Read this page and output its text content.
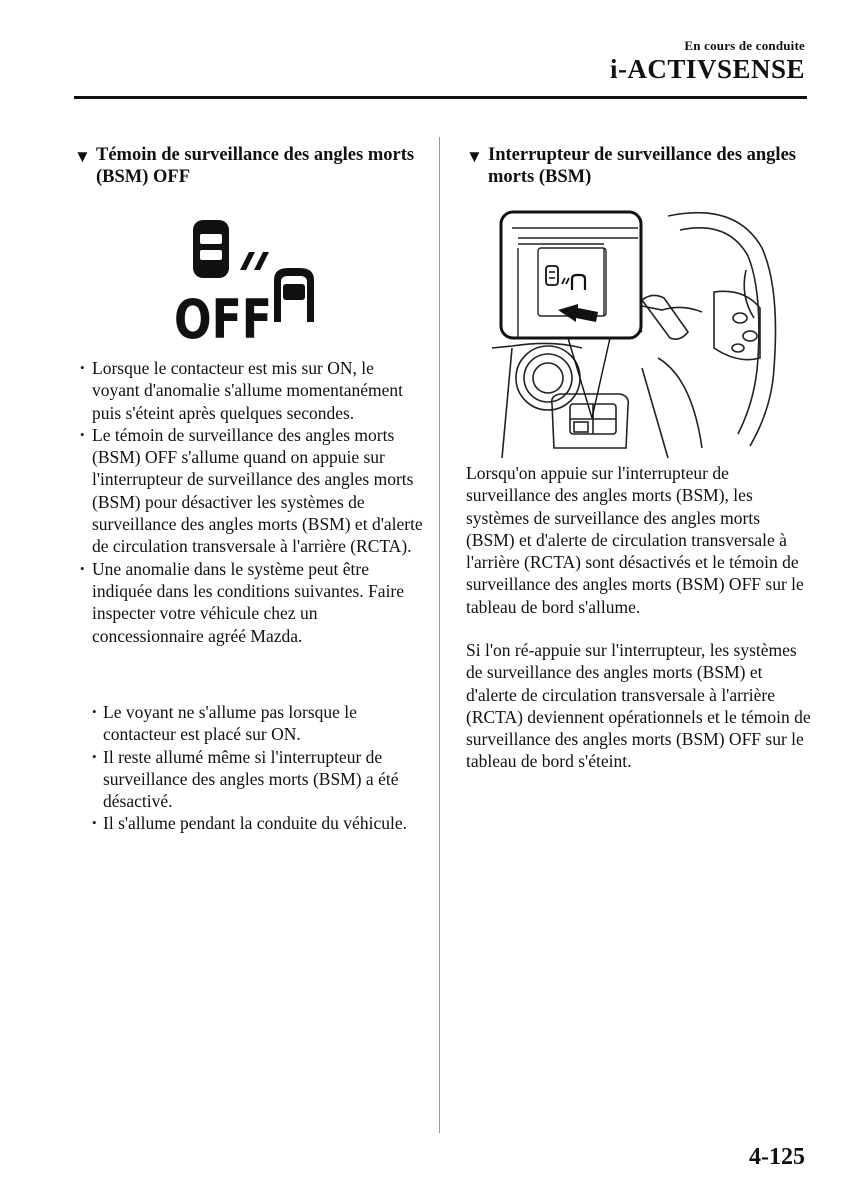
En cours de conduite
i-ACTIVSENSE
▼ Témoin de surveillance des angles morts (BSM) OFF
OFF
• Lorsque le contacteur est mis sur ON, le voyant d'anomalie s'allume momentanément puis s'éteint après quelques secondes.
• Le témoin de surveillance des angles morts (BSM) OFF s'allume quand on appuie sur l'interrupteur de surveillance des angles morts (BSM) pour désactiver les systèmes de surveillance des angles morts (BSM) et d'alerte de circulation transversale à l'arrière (RCTA).
• Une anomalie dans le système peut être indiquée dans les conditions suivantes. Faire inspecter votre véhicule chez un concessionnaire agréé Mazda.
• Le voyant ne s'allume pas lorsque le contacteur est placé sur ON.
• Il reste allumé même si l'interrupteur de surveillance des angles morts (BSM) a été désactivé.
• Il s'allume pendant la conduite du véhicule.
▼ Interrupteur de surveillance des angles morts (BSM)

Lorsqu'on appuie sur l'interrupteur de surveillance des angles morts (BSM), les systèmes de surveillance des angles morts (BSM) et d'alerte de circulation transversale à l'arrière (RCTA) sont désactivés et le témoin de surveillance des angles morts (BSM) OFF sur le tableau de bord s'allume.

Si l'on ré-appuie sur l'interrupteur, les systèmes de surveillance des angles morts (BSM) et d'alerte de circulation transversale à l'arrière (RCTA) deviennent opérationnels et le témoin de surveillance des angles morts (BSM) OFF sur le tableau de bord s'éteint.

4-125
